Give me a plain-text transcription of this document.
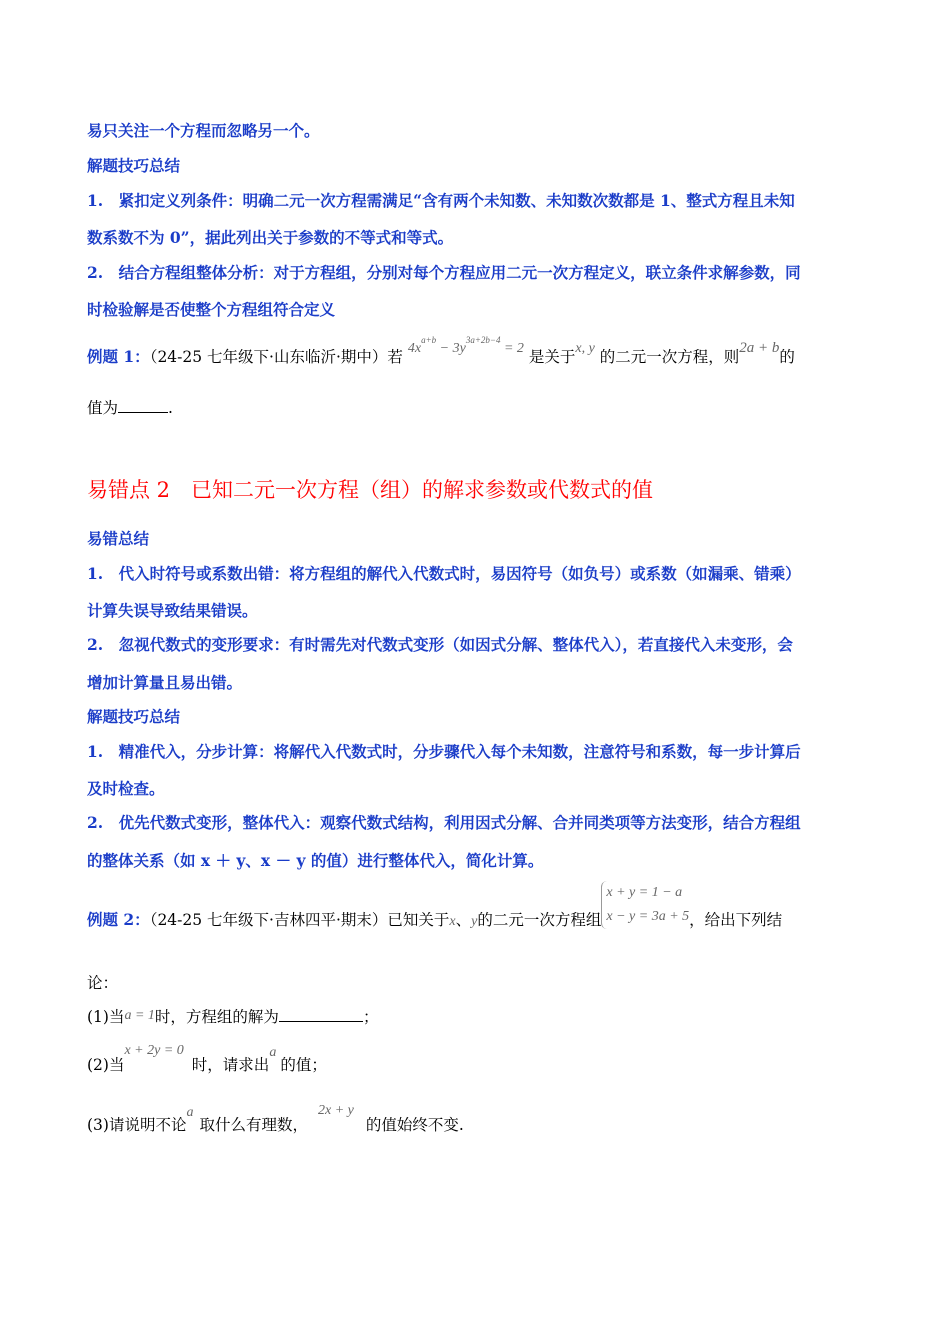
易只关注一个方程而忽略另一个。
解题技巧总结
1.　紧扣定义列条件：明确二元一次方程需满足“含有两个未知数、未知数次数都是 1、整式方程且未知
数系数不为 0”，据此列出关于参数的不等式和等式。
2.　结合方程组整体分析：对于方程组，分别对每个方程应用二元一次方程定义，联立条件求解参数，同
时检验解是否使整个方程组符合定义
例题 1：（24-25 七年级下·山东临沂·期中）若 $4x^{a+b} - 3y^{3a+2b-4} = 2$ 是关于x, y 的二元一次方程，则2a + b的
值为	.
易错点 2　已知二元一次方程（组）的解求参数或代数式的值
易错总结
1.　代入时符号或系数出错：将方程组的解代入代数式时，易因符号（如负号）或系数（如漏乘、错乘）
计算失误导致结果错误。
2.　忽视代数式的变形要求：有时需先对代数式变形（如因式分解、整体代入），若直接代入未变形，会
增加计算量且易出错。
解题技巧总结
1.　精准代入，分步计算：将解代入代数式时，分步骤代入每个未知数，注意符号和系数，每一步计算后
及时检查。
2.　优先代数式变形，整体代入：观察代数式结构，利用因式分解、合并同类项等方法变形，结合方程组
的整体关系（如 x ＋ y、x － y 的值）进行整体代入，简化计算。
例题 2：（24-25 七年级下·吉林四平·期末）已知关于x、y的二元一次方程组
x + y = 1 − a
x − y = 3a + 5 ，给出下列结
论：
(1)当a = 1时，方程组的解为	；
(2)当x + 2y = 0时，请求出a的值；
(3)请说明不论a取什么有理数，2x + y的值始终不变.
